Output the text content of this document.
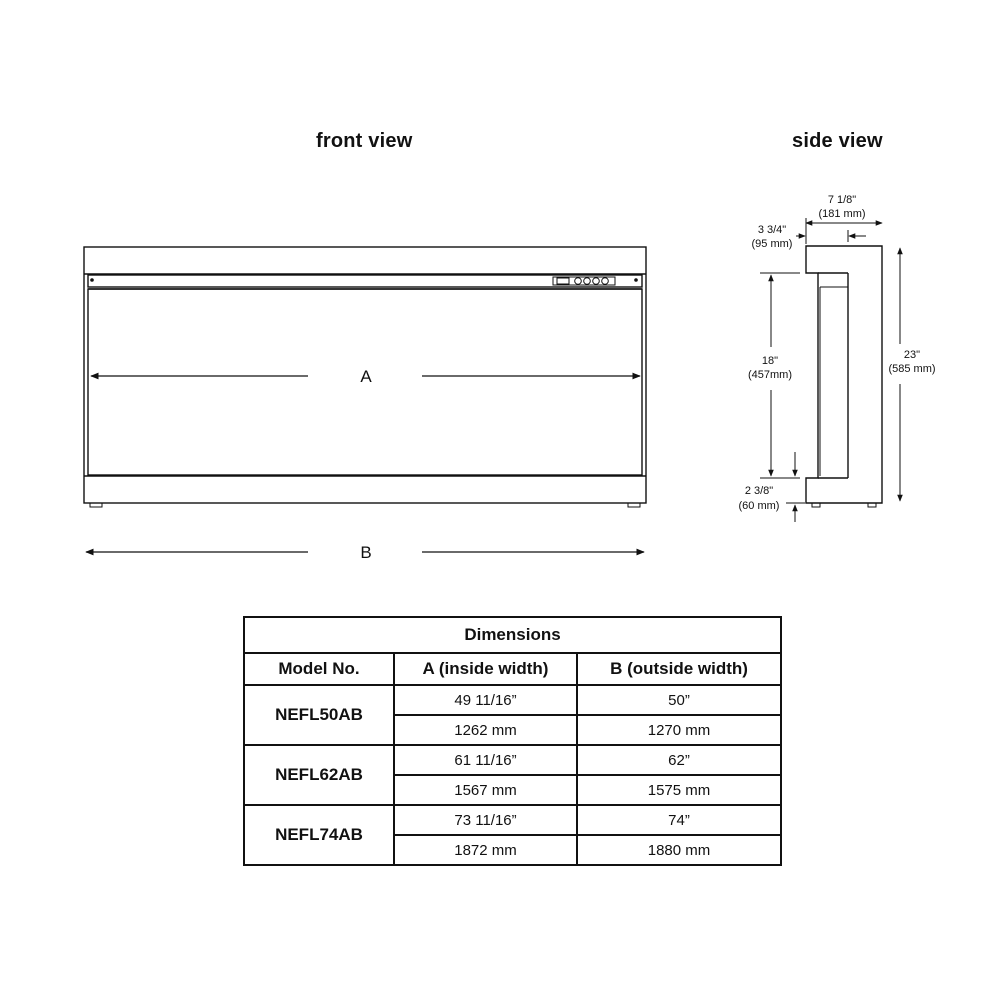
front view	side view
A
B
7 1/8"
(181 mm)
3 3/4"
(95 mm)
18"
(457mm)
23"
(585 mm)
2 3/8"
(60 mm)
Dimensions		
Model No.	A (inside width)	B (outside width)
NEFL50AB	49 11/16”	50”
	1262 mm	1270 mm
NEFL62AB	61 11/16”	62”
	1567 mm	1575 mm
NEFL74AB	73 11/16”	74”
	1872 mm	1880 mm
